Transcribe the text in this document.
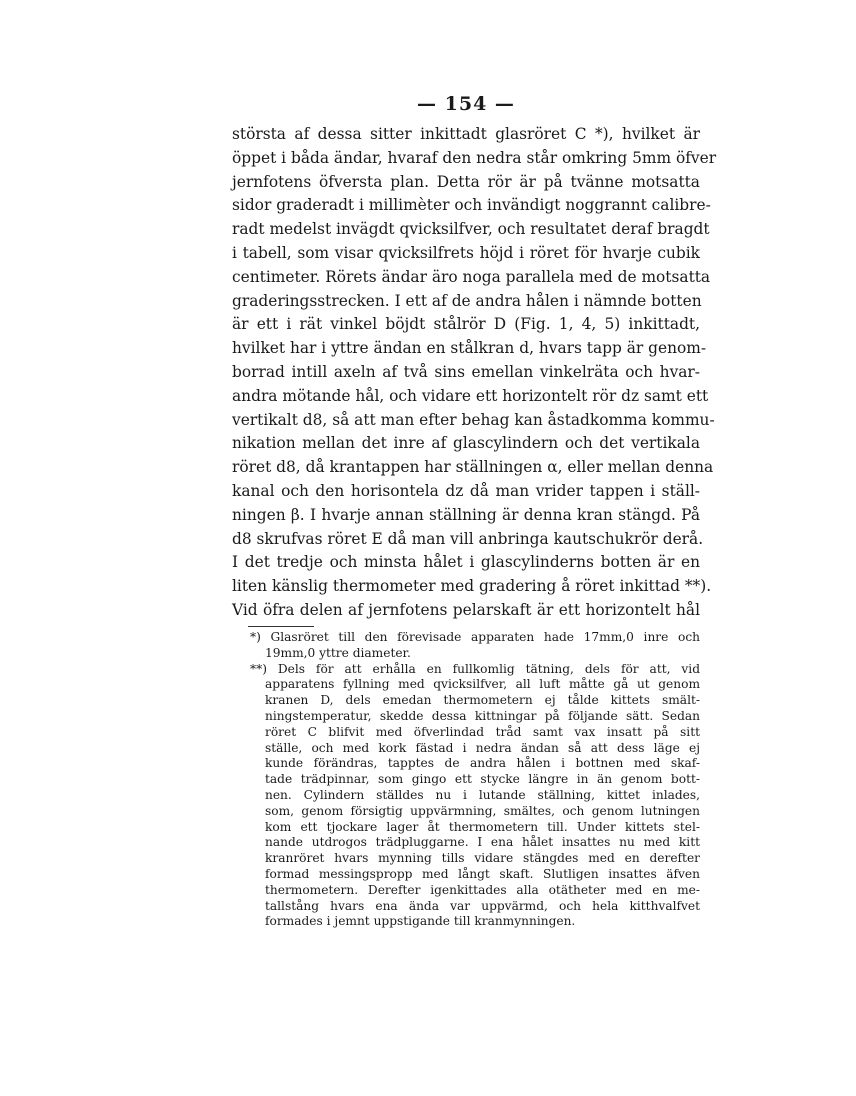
— 154 —
största af dessa sitter inkittadt glasröret C *), hvilket är
öppet i båda ändar, hvaraf den nedra står omkring 5mm öfver
jernfotens öfversta plan. Detta rör är på tvänne motsatta
sidor graderadt i millimèter och invändigt noggrannt calibre-
radt medelst invägdt qvicksilfver, och resultatet deraf bragdt
i tabell, som visar qvicksilfrets höjd i röret för hvarje cubik
centimeter. Rörets ändar äro noga parallela med de motsatta
graderingsstrecken. I ett af de andra hålen i nämnde botten
är ett i rät vinkel böjdt stålrör D (Fig. 1, 4, 5) inkittadt,
hvilket har i yttre ändan en stålkran d, hvars tapp är genom-
borrad intill axeln af två sins emellan vinkelräta och hvar-
andra mötande hål, och vidare ett horizontelt rör dz samt ett
vertikalt d8, så att man efter behag kan åstadkomma kommu-
nikation mellan det inre af glascylindern och det vertikala
röret d8, då krantappen har ställningen α, eller mellan denna
kanal och den horisontela dz då man vrider tappen i ställ-
ningen β. I hvarje annan ställning är denna kran stängd. På
d8 skrufvas röret E då man vill anbringa kautschukrör derå.
I det tredje och minsta hålet i glascylinderns botten är en
liten känslig thermometer med gradering å röret inkittad **).
Vid öfra delen af jernfotens pelarskaft är ett horizontelt hål
*) Glasröret till den förevisade apparaten hade 17mm,0 inre och
19mm,0 yttre diameter.
**) Dels för att erhålla en fullkomlig tätning, dels för att, vid
apparatens fyllning med qvicksilfver, all luft måtte gå ut genom
kranen D, dels emedan thermometern ej tålde kittets smält-
ningstemperatur, skedde dessa kittningar på följande sätt. Sedan
röret C blifvit med öfverlindad tråd samt vax insatt på sitt
ställe, och med kork fästad i nedra ändan så att dess läge ej
kunde förändras, tapptes de andra hålen i bottnen med skaf-
tade trädpinnar, som gingo ett stycke längre in än genom bott-
nen. Cylindern ställdes nu i lutande ställning, kittet inlades,
som, genom försigtig uppvärmning, smältes, och genom lutningen
kom ett tjockare lager åt thermometern till. Under kittets stel-
nande utdrogos trädpluggarne. I ena hålet insattes nu med kitt
kranröret hvars mynning tills vidare stängdes med en derefter
formad messingspropp med långt skaft. Slutligen insattes äfven
thermometern. Derefter igenkittades alla otätheter med en me-
tallstång hvars ena ända var uppvärmd, och hela kitthvalfvet
formades i jemnt uppstigande till kranmynningen.
